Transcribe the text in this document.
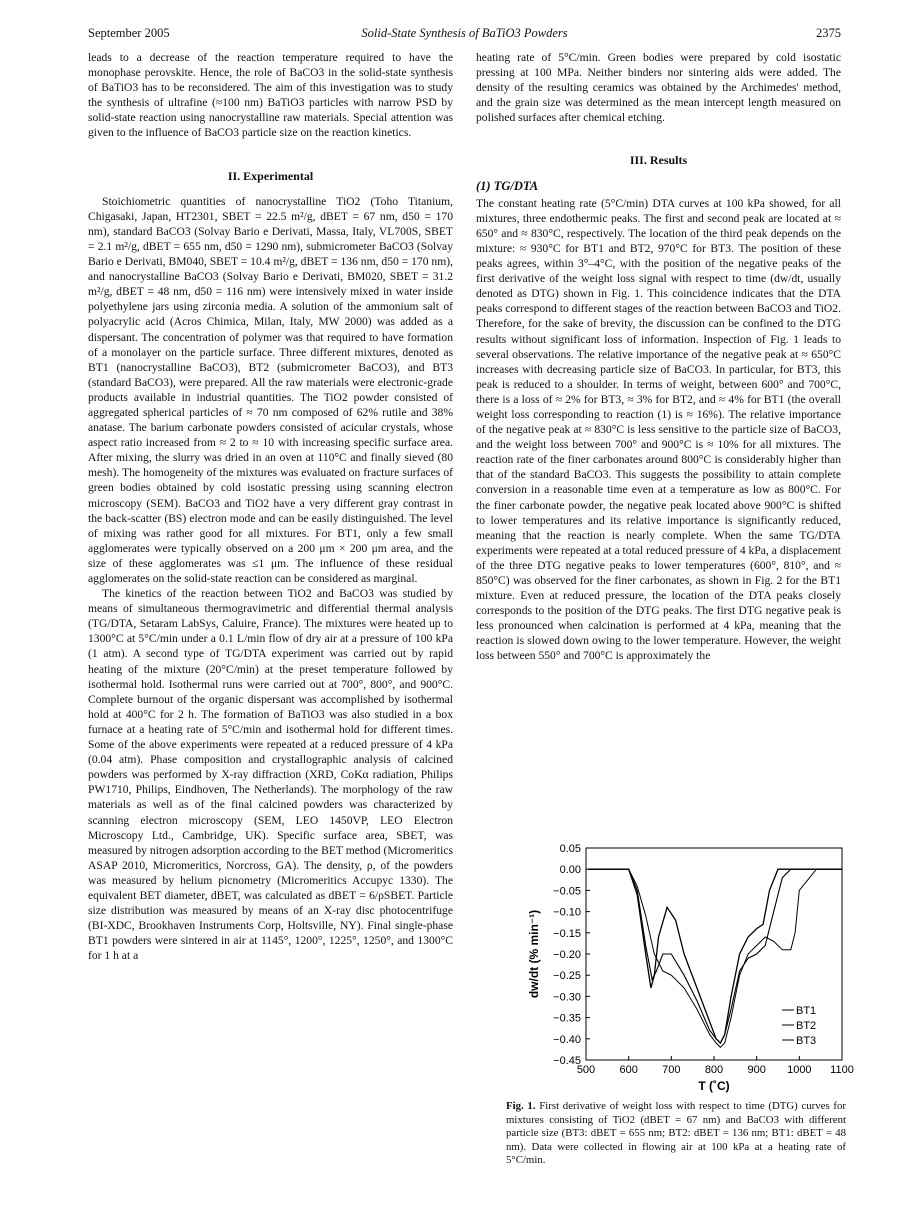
September 2005	Solid-State Synthesis of BaTiO3 Powders	2375

leads to a decrease of the reaction temperature required to have the monophase perovskite. Hence, the role of BaCO3 in the solid-state synthesis of BaTiO3 has to be reconsidered. The aim of this investigation was to study the synthesis of ultrafine (≈100 nm) BaTiO3 particles with narrow PSD by solid-state reaction using nanocrystalline raw materials. Special attention was given to the influence of BaCO3 particle size on the reaction kinetics.

II. Experimental

Stoichiometric quantities of nanocrystalline TiO2 (Toho Titanium, Chigasaki, Japan, HT2301, SBET = 22.5 m²/g, dBET = 67 nm, d50 = 170 nm), standard BaCO3 (Solvay Bario e Derivati, Massa, Italy, VL700S, SBET = 2.1 m²/g, dBET = 655 nm, d50 = 1290 nm), submicrometer BaCO3 (Solvay Bario e Derivati, BM040, SBET = 10.4 m²/g, dBET = 136 nm, d50 = 170 nm), and nanocrystalline BaCO3 (Solvay Bario e Derivati, BM020, SBET = 31.2 m²/g, dBET = 48 nm, d50 = 116 nm) were intensively mixed in water inside polyethylene jars using zirconia media. A solution of the ammonium salt of polyacrylic acid (Acros Chimica, Milan, Italy, MW 2000) was added as a dispersant. The concentration of polymer was that required to have formation of a monolayer on the particle surface. Three different mixtures, denoted as BT1 (nanocrystalline BaCO3), BT2 (submicrometer BaCO3), and BT3 (standard BaCO3), were prepared. All the raw materials were electronic-grade products available in industrial quantities. The TiO2 powder consisted of aggregated spherical particles of ≈ 70 nm composed of 62% rutile and 38% anatase. The barium carbonate powders consisted of acicular crystals, whose aspect ratio increased from ≈ 2 to ≈ 10 with increasing specific surface area. After mixing, the slurry was dried in an oven at 110°C and finally sieved (80 mesh). The homogeneity of the mixtures was evaluated on fracture surfaces of green bodies obtained by cold isostatic pressing using scanning electron microscopy (SEM). BaCO3 and TiO2 have a very different gray contrast in the back-scatter (BS) electron mode and can be easily distinguished. The level of mixing was rather good for all mixtures. For BT1, only a few small agglomerates were typically observed on a 200 μm × 200 μm area, and the size of these agglomerates was ≤1 μm. The influence of these residual agglomerates on the solid-state reaction can be considered as marginal.

The kinetics of the reaction between TiO2 and BaCO3 was studied by means of simultaneous thermogravimetric and differential thermal analysis (TG/DTA, Setaram LabSys, Caluire, France). The mixtures were heated up to 1300°C at 5°C/min under a 0.1 L/min flow of dry air at a pressure of 100 kPa (1 atm). A second type of TG/DTA experiment was carried out by rapid heating of the mixture (20°C/min) at the preset temperature followed by isothermal hold. Isothermal runs were carried out at 700°, 800°, and 900°C. Complete burnout of the organic dispersant was accomplished by isothermal hold at 400°C for 2 h. The formation of BaTiO3 was also studied in a box furnace at a heating rate of 5°C/min and isothermal hold for different times. Some of the above experiments were repeated at a reduced pressure of 4 kPa (0.04 atm). Phase composition and crystallographic analysis of calcined powders was performed by X-ray diffraction (XRD, CoKα radiation, Philips PW1710, Philips, Eindhoven, The Netherlands). The morphology of the raw materials as well as of the final calcined powders was characterized by scanning electron microscopy (SEM, LEO 1450VP, LEO Electron Microscopy Ltd., Cambridge, UK). Specific surface area, SBET, was measured by nitrogen adsorption according to the BET method (Micromeritics ASAP 2010, Micromeritics, Norcross, GA). The density, ρ, of the powders was measured by helium picnometry (Micromeritics Accupyc 1330). The equivalent BET diameter, dBET, was calculated as dBET = 6/ρSBET. Particle size distribution was measured by means of an X-ray disc photocentrifuge (BI-XDC, Brookhaven Instruments Corp, Holtsville, NY). Final single-phase BT1 powders were sintered in air at 1145°, 1200°, 1225°, 1250°, and 1300°C for 1 h at a

heating rate of 5°C/min. Green bodies were prepared by cold isostatic pressing at 100 MPa. Neither binders nor sintering aids were added. The density of the resulting ceramics was obtained by the Archimedes' method, and the grain size was determined as the mean intercept length measured on polished surfaces after chemical etching.

III. Results
(1) TG/DTA

The constant heating rate (5°C/min) DTA curves at 100 kPa showed, for all mixtures, three endothermic peaks. The first and second peak are located at ≈ 650° and ≈ 830°C, respectively. The location of the third peak depends on the mixture: ≈ 930°C for BT1 and BT2, 970°C for BT3. The position of these peaks agrees, within 3°–4°C, with the position of the negative peaks of the first derivative of the weight loss signal with respect to time (dw/dt, usually denoted as DTG) shown in Fig. 1. This coincidence indicates that the DTA peaks correspond to different stages of the reaction between BaCO3 and TiO2. Therefore, for the sake of brevity, the discussion can be confined to the DTG results without significant loss of information. Inspection of Fig. 1 leads to several observations. The relative importance of the negative peak at ≈ 650°C increases with decreasing particle size of BaCO3. In particular, for BT3, this peak is reduced to a shoulder. In terms of weight, between 600° and 700°C, there is a loss of ≈ 2% for BT3, ≈ 3% for BT2, and ≈ 4% for BT1 (the overall weight loss corresponding to reaction (1) is ≈ 16%). The relative importance of the negative peak at ≈ 830°C is less sensitive to the particle size of BaCO3, and the weight loss between 700° and 900°C is ≈ 10% for all mixtures. The reaction rate of the finer carbonates around 800°C is considerably higher than that of the standard BaCO3. This suggests the possibility to attain complete conversion in a reasonable time even at a temperature as low as 800°C. For the finer carbonate powder, the negative peak located above 900°C is shifted to lower temperatures and its relative importance is significantly reduced, meaning that the reaction is nearly complete. When the same TG/DTA experiments were repeated at a total reduced pressure of 4 kPa, a displacement of the three DTG negative peaks to lower temperatures (600°, 810°, and ≈ 850°C) was observed for the finer carbonates, as shown in Fig. 2 for the BT1 mixture. Even at reduced pressure, the location of the DTA peaks closely corresponds to the position of the DTG peaks. The first DTG negative peak is less pronounced when calcination is performed at 4 kPa, meaning that the reaction is slowed down owing to the lower temperature. However, the weight loss between 550° and 700°C is approximately the

500 600 700 800 900 1000 1100
0.05
0.00
−0.05
−0.10
−0.15
−0.20
−0.25
−0.30
−0.35
−0.40
−0.45
T (˚C)
dw/dt (% min⁻¹)
BT1
BT2
BT3
Fig. 1. First derivative of weight loss with respect to time (DTG) curves for mixtures consisting of TiO2 (dBET = 67 nm) and BaCO3 with different particle size (BT3: dBET = 655 nm; BT2: dBET = 136 nm; BT1: dBET = 48 nm). Data were collected in flowing air at 100 kPa at a heating rate of 5°C/min.
